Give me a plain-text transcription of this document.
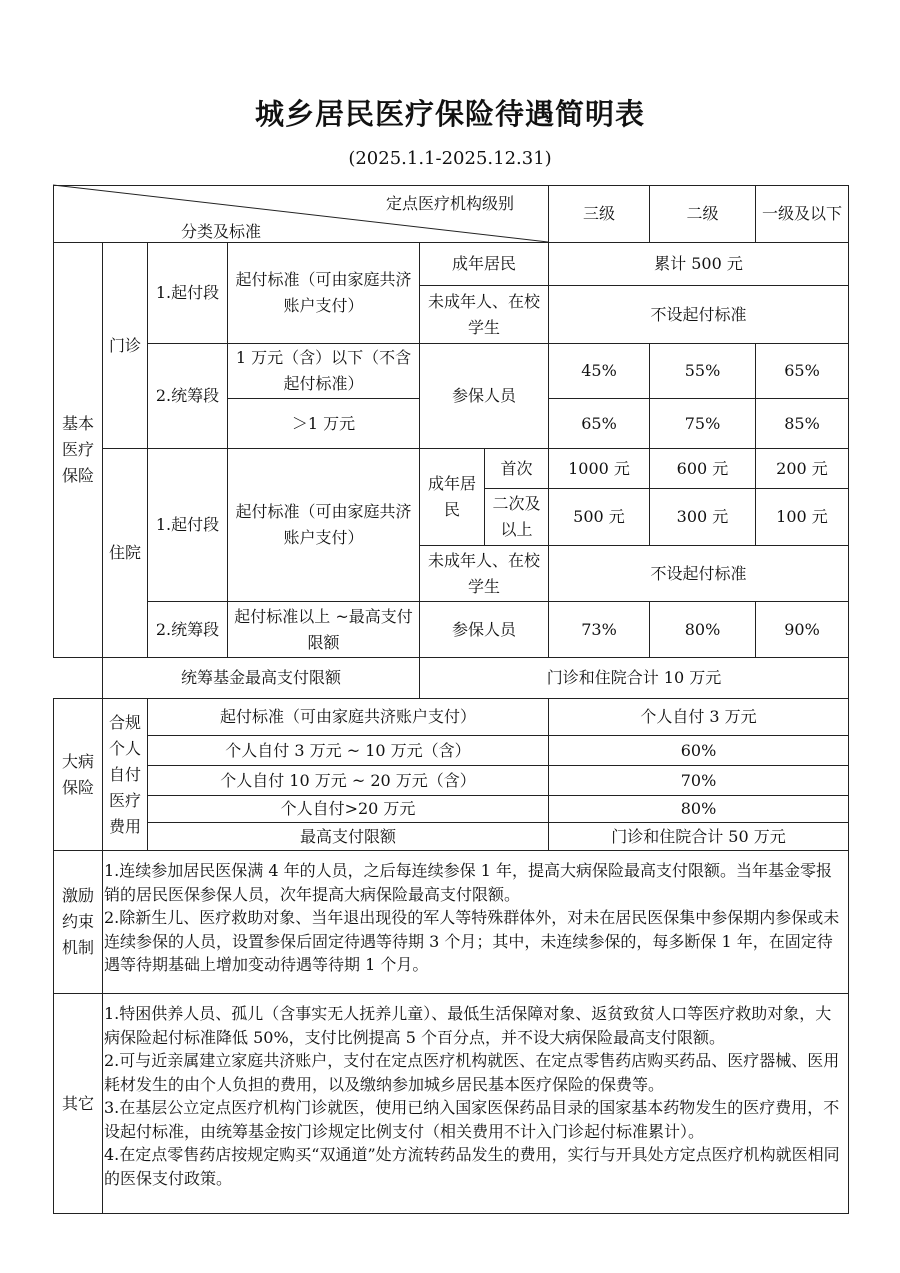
城乡居民医疗保险待遇简明表
(2025.1.1-2025.12.31)
1.特困供养人员、孤儿（含事实无人抚养儿童）、最低生活保障对象、返贫致贫人口等医疗救助对象，大病保险起付标准降低 50%，支付比例提高 5 个百分点，并不设大病保险最高支付限额。
2.可与近亲属建立家庭共济账户，支付在定点医疗机构就医、在定点零售药店购买药品、医疗器械、医用耗材发生的由个人负担的费用，以及缴纳参加城乡居民基本医疗保险的保费等。
3.在基层公立定点医疗机构门诊就医，使用已纳入国家医保药品目录的国家基本药物发生的医疗费用，不设起付标准，由统筹基金按门诊规定比例支付（相关费用不计入门诊起付标准累计）。
4.在定点零售药店按规定购买“双通道”处方流转药品发生的费用，实行与开具处方定点医疗机构就医相同的医保支付政策。
1.连续参加居民医保满 4 年的人员，之后每连续参保 1 年，提高大病保险最高支付限额。当年基金零报销的居民医保参保人员，次年提高大病保险最高支付限额。
2.除新生儿、医疗救助对象、当年退出现役的军人等特殊群体外，对未在居民医保集中参保期内参保或未连续参保的人员，设置参保后固定待遇等待期 3 个月；其中，未连续参保的，每多断保 1 年，在固定待遇等待期基础上增加变动待遇等待期 1 个月。
门诊和住院合计 50 万元
最高支付限额
80%
个人自付>20 万元
70%
个人自付 10 万元 ~ 20 万元（含）
60%
个人自付 3 万元 ~ 10 万元（含）
个人自付 3 万元
起付标准（可由家庭共济账户支付）
其它
激励约束机制
合规个人自付医疗费用
大病保险
门诊和住院合计 10 万元
统筹基金最高支付限额
90%
80%
73%
参保人员
起付标准以上 ~最高支付限额
2.统筹段
不设起付标准
未成年人、在校学生
100 元
300 元
500 元
二次及以上
200 元
600 元
1000 元
首次
成年居民
起付标准（可由家庭共济账户支付）
1.起付段
85%
75%
65%
65%
55%
45%
参保人员
＞1 万元
1 万元（含）以下（不含起付标准）
2.统筹段
不设起付标准
未成年人、在校学生
累计 500 元
成年居民
起付标准（可由家庭共济账户支付）
1.起付段
住院
门诊
基本医疗保险
一级及以下
二级
三级
定点医疗机构级别
分类及标准
